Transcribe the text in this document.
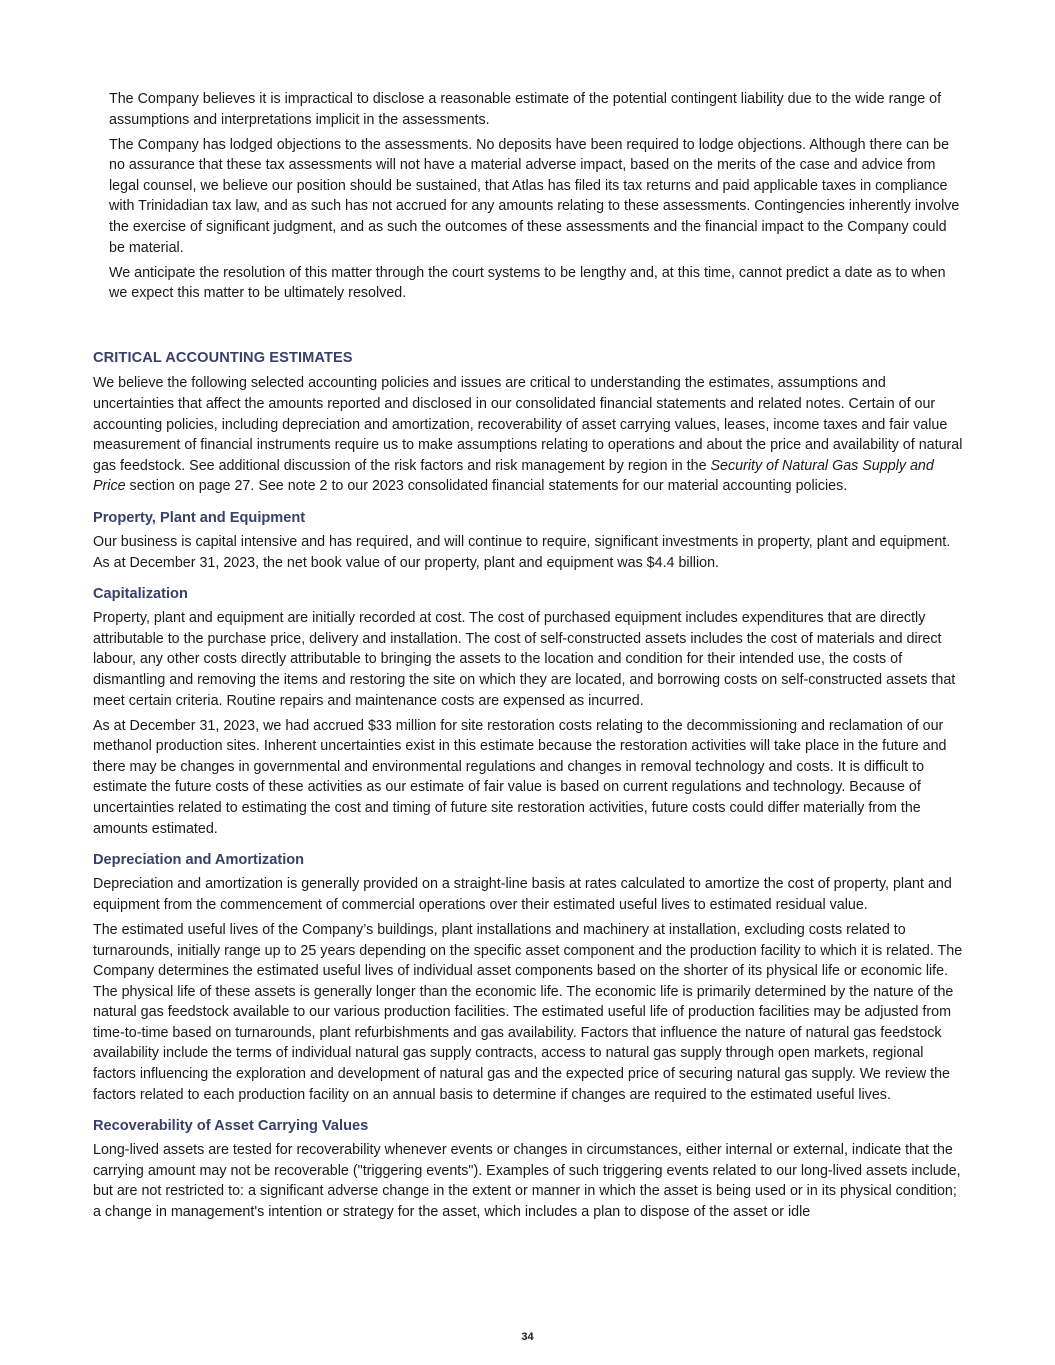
The Company believes it is impractical to disclose a reasonable estimate of the potential contingent liability due to the wide range of assumptions and interpretations implicit in the assessments.

The Company has lodged objections to the assessments. No deposits have been required to lodge objections. Although there can be no assurance that these tax assessments will not have a material adverse impact, based on the merits of the case and advice from legal counsel, we believe our position should be sustained, that Atlas has filed its tax returns and paid applicable taxes in compliance with Trinidadian tax law, and as such has not accrued for any amounts relating to these assessments. Contingencies inherently involve the exercise of significant judgment, and as such the outcomes of these assessments and the financial impact to the Company could be material.

We anticipate the resolution of this matter through the court systems to be lengthy and, at this time, cannot predict a date as to when we expect this matter to be ultimately resolved.

CRITICAL ACCOUNTING ESTIMATES

We believe the following selected accounting policies and issues are critical to understanding the estimates, assumptions and uncertainties that affect the amounts reported and disclosed in our consolidated financial statements and related notes. Certain of our accounting policies, including depreciation and amortization, recoverability of asset carrying values, leases, income taxes and fair value measurement of financial instruments require us to make assumptions relating to operations and about the price and availability of natural gas feedstock. See additional discussion of the risk factors and risk management by region in the Security of Natural Gas Supply and Price section on page 27. See note 2 to our 2023 consolidated financial statements for our material accounting policies.

Property, Plant and Equipment

Our business is capital intensive and has required, and will continue to require, significant investments in property, plant and equipment. As at December 31, 2023, the net book value of our property, plant and equipment was $4.4 billion.

Capitalization

Property, plant and equipment are initially recorded at cost. The cost of purchased equipment includes expenditures that are directly attributable to the purchase price, delivery and installation. The cost of self-constructed assets includes the cost of materials and direct labour, any other costs directly attributable to bringing the assets to the location and condition for their intended use, the costs of dismantling and removing the items and restoring the site on which they are located, and borrowing costs on self-constructed assets that meet certain criteria. Routine repairs and maintenance costs are expensed as incurred.

As at December 31, 2023, we had accrued $33 million for site restoration costs relating to the decommissioning and reclamation of our methanol production sites. Inherent uncertainties exist in this estimate because the restoration activities will take place in the future and there may be changes in governmental and environmental regulations and changes in removal technology and costs. It is difficult to estimate the future costs of these activities as our estimate of fair value is based on current regulations and technology. Because of uncertainties related to estimating the cost and timing of future site restoration activities, future costs could differ materially from the amounts estimated.

Depreciation and Amortization

Depreciation and amortization is generally provided on a straight-line basis at rates calculated to amortize the cost of property, plant and equipment from the commencement of commercial operations over their estimated useful lives to estimated residual value.

The estimated useful lives of the Company’s buildings, plant installations and machinery at installation, excluding costs related to turnarounds, initially range up to 25 years depending on the specific asset component and the production facility to which it is related. The Company determines the estimated useful lives of individual asset components based on the shorter of its physical life or economic life. The physical life of these assets is generally longer than the economic life. The economic life is primarily determined by the nature of the natural gas feedstock available to our various production facilities. The estimated useful life of production facilities may be adjusted from time-to-time based on turnarounds, plant refurbishments and gas availability. Factors that influence the nature of natural gas feedstock availability include the terms of individual natural gas supply contracts, access to natural gas supply through open markets, regional factors influencing the exploration and development of natural gas and the expected price of securing natural gas supply. We review the factors related to each production facility on an annual basis to determine if changes are required to the estimated useful lives.

Recoverability of Asset Carrying Values

Long-lived assets are tested for recoverability whenever events or changes in circumstances, either internal or external, indicate that the carrying amount may not be recoverable ("triggering events"). Examples of such triggering events related to our long-lived assets include, but are not restricted to: a significant adverse change in the extent or manner in which the asset is being used or in its physical condition; a change in management's intention or strategy for the asset, which includes a plan to dispose of the asset or idle

34
